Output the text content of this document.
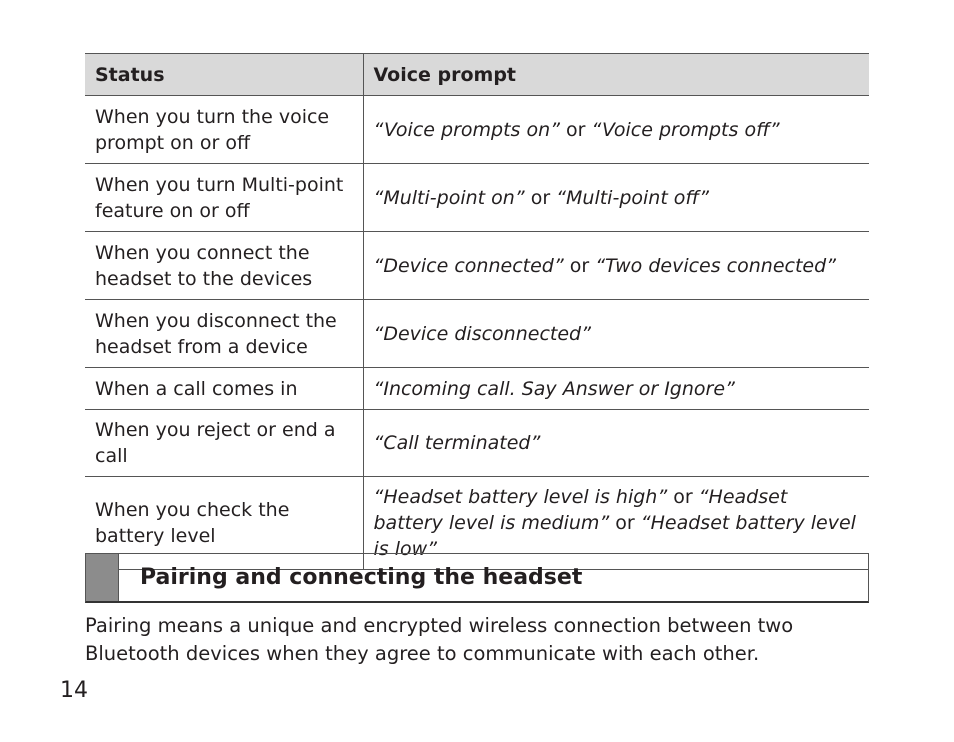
Status	Voice prompt
When you turn the voice prompt on or off	“Voice prompts on” or “Voice prompts off”
When you turn Multi-point feature on or off	“Multi-point on” or “Multi-point off”
When you connect the headset to the devices	“Device connected” or “Two devices connected”
When you disconnect the headset from a device	“Device disconnected”
When a call comes in	“Incoming call. Say Answer or Ignore”
When you reject or end a call	“Call terminated”
When you check the battery level	“Headset battery level is high” or “Headset battery level is medium” or “Headset battery level is low”
Pairing and connecting the headset

Pairing means a unique and encrypted wireless connection between two Bluetooth devices when they agree to communicate with each other.

14
